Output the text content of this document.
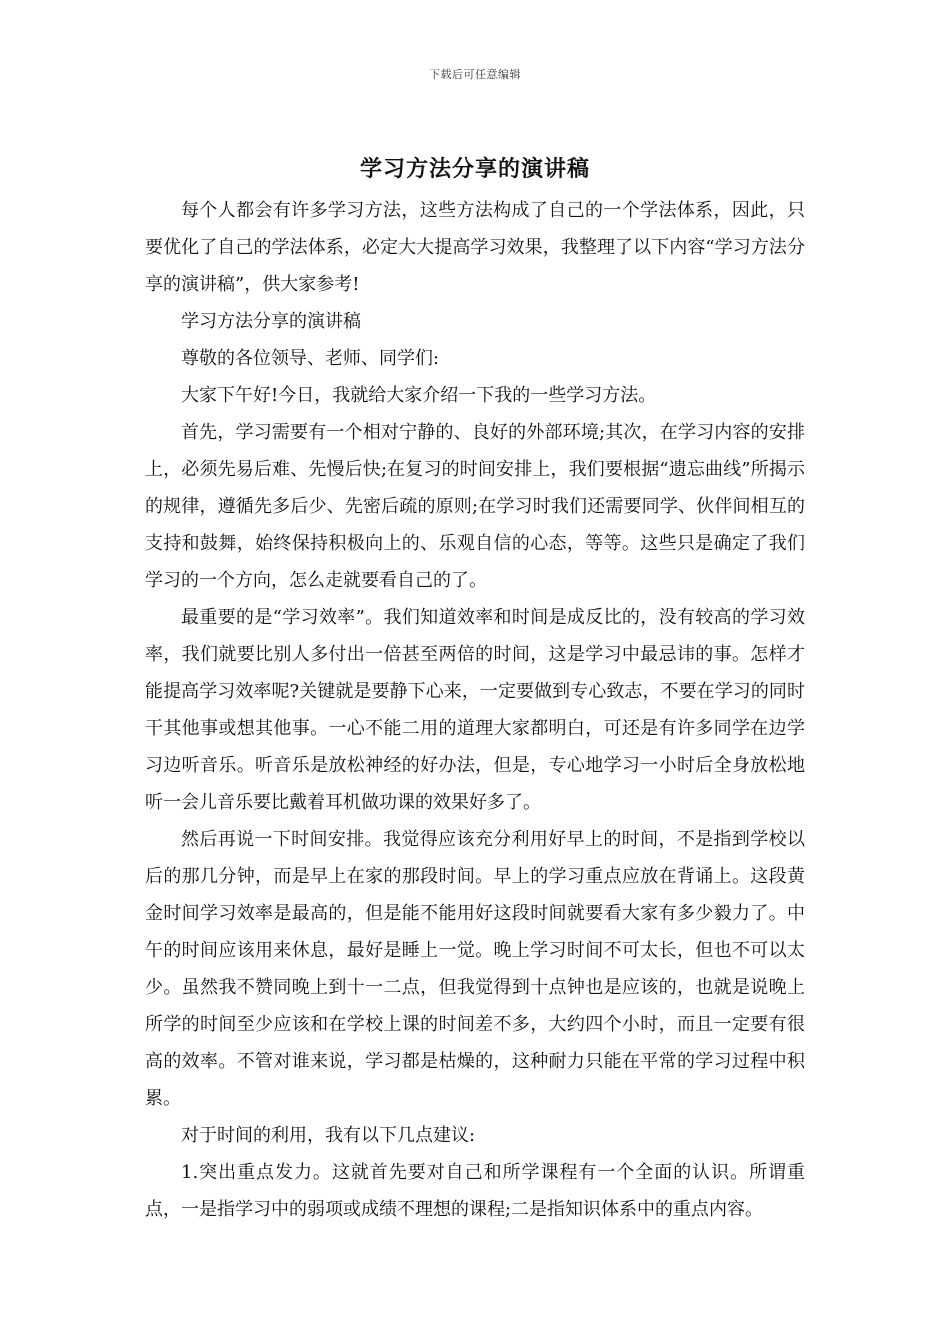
下载后可任意编辑
学习方法分享的演讲稿

每个人都会有许多学习方法，这些方法构成了自己的一个学法体系，因此，只要优化了自己的学法体系，必定大大提高学习效果，我整理了以下内容“学习方法分享的演讲稿”，供大家参考!

学习方法分享的演讲稿

尊敬的各位领导、老师、同学们:

大家下午好!今日，我就给大家介绍一下我的一些学习方法。

首先，学习需要有一个相对宁静的、良好的外部环境;其次，在学习内容的安排上，必须先易后难、先慢后快;在复习的时间安排上，我们要根据“遗忘曲线”所揭示的规律，遵循先多后少、先密后疏的原则;在学习时我们还需要同学、伙伴间相互的支持和鼓舞，始终保持积极向上的、乐观自信的心态，等等。这些只是确定了我们学习的一个方向，怎么走就要看自己的了。

最重要的是“学习效率”。我们知道效率和时间是成反比的，没有较高的学习效率，我们就要比别人多付出一倍甚至两倍的时间，这是学习中最忌讳的事。怎样才能提高学习效率呢?关键就是要静下心来，一定要做到专心致志，不要在学习的同时干其他事或想其他事。一心不能二用的道理大家都明白，可还是有许多同学在边学习边听音乐。听音乐是放松神经的好办法，但是，专心地学习一小时后全身放松地听一会儿音乐要比戴着耳机做功课的效果好多了。

然后再说一下时间安排。我觉得应该充分利用好早上的时间，不是指到学校以后的那几分钟，而是早上在家的那段时间。早上的学习重点应放在背诵上。这段黄金时间学习效率是最高的，但是能不能用好这段时间就要看大家有多少毅力了。中午的时间应该用来休息，最好是睡上一觉。晚上学习时间不可太长，但也不可以太少。虽然我不赞同晚上到十一二点，但我觉得到十点钟也是应该的，也就是说晚上所学的时间至少应该和在学校上课的时间差不多，大约四个小时，而且一定要有很高的效率。不管对谁来说，学习都是枯燥的，这种耐力只能在平常的学习过程中积累。

对于时间的利用，我有以下几点建议:

1.突出重点发力。这就首先要对自己和所学课程有一个全面的认识。所谓重点，一是指学习中的弱项或成绩不理想的课程;二是指知识体系中的重点内容。
